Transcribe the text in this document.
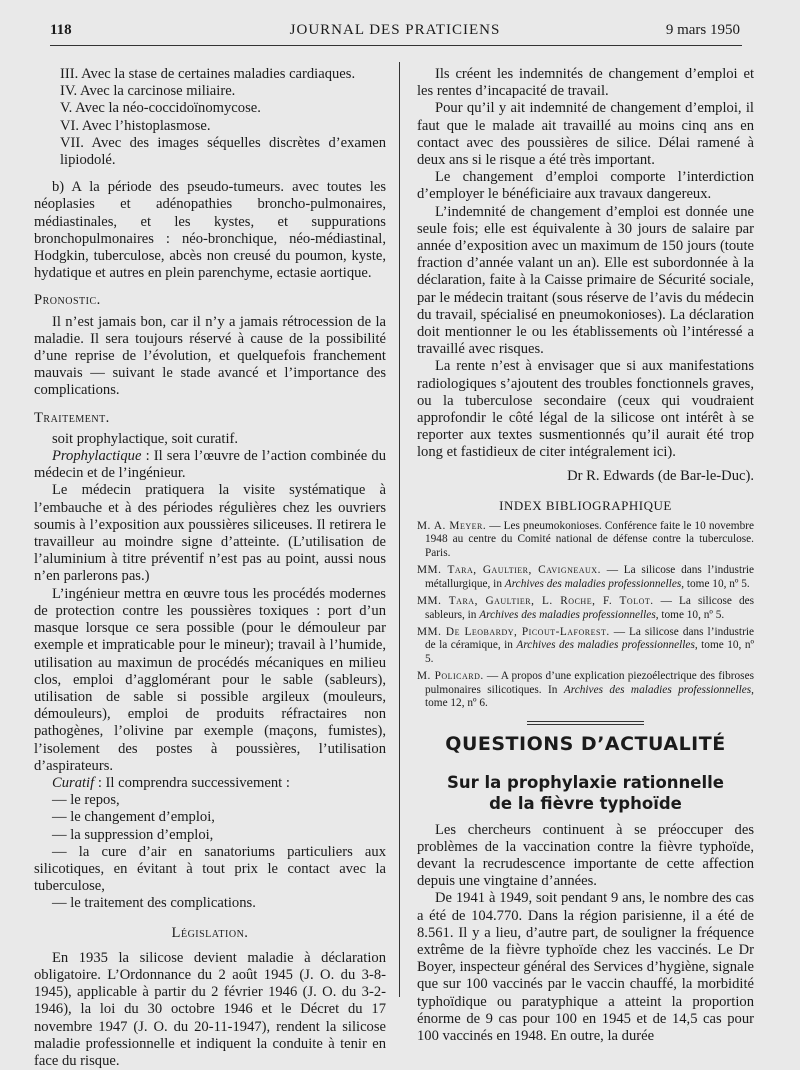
118	JOURNAL DES PRATICIENS	9 mars 1950
III. Avec la stase de certaines maladies cardiaques.
IV. Avec la carcinose miliaire.
V. Avec la néo-coccidoïnomycose.
VI. Avec l’histoplasmose.
VII. Avec des images séquelles discrètes d’examen lipiodolé.

b) A la période des pseudo-tumeurs. avec toutes les néoplasies et adénopathies broncho-pulmonaires, médiastinales, et les kystes, et suppurations bronchopulmonaires : néo-bronchique, néo-médiastinal, Hodgkin, tuberculose, abcès non creusé du poumon, kyste, hydatique et autres en plein parenchyme, ectasie aortique.

Pronostic.

Il n’est jamais bon, car il n’y a jamais rétrocession de la maladie. Il sera toujours réservé à cause de la possibilité d’une reprise de l’évolution, et quelquefois franchement mauvais — suivant le stade avancé et l’importance des complications.

Traitement.

soit prophylactique, soit curatif.

Prophylactique : Il sera l’œuvre de l’action combinée du médecin et de l’ingénieur.

Le médecin pratiquera la visite systématique à l’embauche et à des périodes régulières chez les ouvriers soumis à l’exposition aux poussières siliceuses. Il retirera le travailleur au moindre signe d’atteinte. (L’utilisation de l’aluminium à titre préventif n’est pas au point, aussi nous n’en parlerons pas.)

L’ingénieur mettra en œuvre tous les procédés modernes de protection contre les poussières toxiques : port d’un masque lorsque ce sera possible (pour le démouleur par exemple et impraticable pour le mineur); travail à l’humide, utilisation au maximun de procédés mécaniques en milieu clos, emploi d’agglomérant pour le sable (sableurs), utilisation de sable si possible argileux (mouleurs, démouleurs), emploi de produits réfractaires non pathogènes, l’olivine par exemple (maçons, fumistes), l’isolement des postes à poussières, l’utilisation d’aspirateurs.

Curatif : Il comprendra successivement :

— le repos,

— le changement d’emploi,

— la suppression d’emploi,

— la cure d’air en sanatoriums particuliers aux silicotiques, en évitant à tout prix le contact avec la tuberculose,

— le traitement des complications.

Législation.

En 1935 la silicose devient maladie à déclaration obligatoire. L’Ordonnance du 2 août 1945 (J. O. du 3-8-1945), applicable à partir du 2 février 1946 (J. O. du 3-2-1946), la loi du 30 octobre 1946 et le Décret du 17 novembre 1947 (J. O. du 20-11-1947), rendent la silicose maladie professionnelle et indiquent la conduite à tenir en face du risque.

Ils créent les indemnités de changement d’emploi et les rentes d’incapacité de travail.

Pour qu’il y ait indemnité de changement d’emploi, il faut que le malade ait travaillé au moins cinq ans en contact avec des poussières de silice. Délai ramené à deux ans si le risque a été très important.

Le changement d’emploi comporte l’interdiction d’employer le bénéficiaire aux travaux dangereux.

L’indemnité de changement d’emploi est donnée une seule fois; elle est équivalente à 30 jours de salaire par année d’exposition avec un maximum de 150 jours (toute fraction d’année valant un an). Elle est subordonnée à la déclaration, faite à la Caisse primaire de Sécurité sociale, par le médecin traitant (sous réserve de l’avis du médecin du travail, spécialisé en pneumokonioses). La déclaration doit mentionner le ou les établissements où l’intéressé a travaillé avec risques.

La rente n’est à envisager que si aux manifestations radiologiques s’ajoutent des troubles fonctionnels graves, ou la tuberculose secondaire (ceux qui voudraient approfondir le côté légal de la silicose ont intérêt à se reporter aux textes susmentionnés qu’il aurait été trop long et fastidieux de citer intégralement ici).

Dr R. Edwards (de Bar-le-Duc).

INDEX BIBLIOGRAPHIQUE
M. A. Meyer. — Les pneumokonioses. Conférence faite le 10 novembre 1948 au centre du Comité national de défense contre la tuberculose. Paris.
MM. Tara, Gaultier, Cavigneaux. — La silicose dans l’industrie métallurgique, in Archives des maladies professionnelles, tome 10, nº 5.
MM. Tara, Gaultier, L. Roche, F. Tolot. — La silicose des sableurs, in Archives des maladies professionnelles, tome 10, nº 5.
MM. De Leobardy, Picout-Laforest. — La silicose dans l’industrie de la céramique, in Archives des maladies professionnelles, tome 10, nº 5.
M. Policard. — A propos d’une explication piezoélectrique des fibroses pulmonaires silicotiques. In Archives des maladies professionnelles, tome 12, nº 6.
QUESTIONS D’ACTUALITÉ
Sur la prophylaxie rationnelle
de la fièvre typhoïde

Les chercheurs continuent à se préoccuper des problèmes de la vaccination contre la fièvre typhoïde, devant la recrudescence importante de cette affection depuis une vingtaine d’années.

De 1941 à 1949, soit pendant 9 ans, le nombre des cas a été de 104.770. Dans la région parisienne, il a été de 8.561. Il y a lieu, d’autre part, de souligner la fréquence extrême de la fièvre typhoïde chez les vaccinés. Le Dr Boyer, inspecteur général des Services d’hygiène, signale que sur 100 vaccinés par le vaccin chauffé, la morbidité typhoïdique ou paratyphique a atteint la proportion énorme de 9 cas pour 100 en 1945 et de 14,5 cas pour 100 vaccinés en 1948. En outre, la durée
